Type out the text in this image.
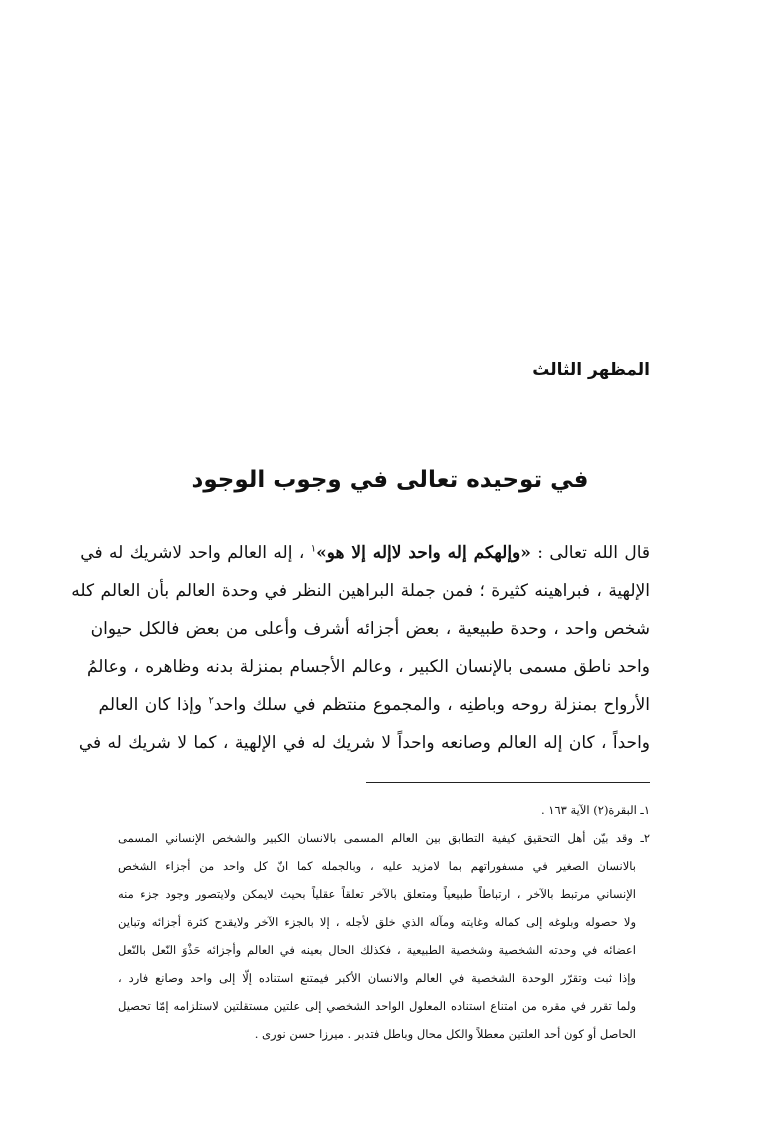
المظهر الثالث
في توحيده تعالى في وجوب الوجود
قال الله تعالى : «وإلهكم إله واحد لاإله إلا هو»$^١$ ، إله العالم واحد لاشريك له في
الإلهية ، فبراهينه كثيرة ؛ فمن جملة البراهين النظر في وحدة العالم بأن العالم كله
شخص واحد ، وحدة طبيعية ، بعض أجزائه أشرف وأعلى من بعض فالكل حيوان
واحد ناطق مسمى بالإنسان الكبير ، وعالم الأجسام بمنزلة بدنه وظاهره ، وعالمُ
الأرواح بمنزلة روحه وباطنِه ، والمجموع منتظم في سلك واحد$^٢$ وإذا كان العالم
واحداً ، كان إله العالم وصانعه واحداً لا شريك له في الإلهية ، كما لا شريك له في
١ـ البقرة(٢) الآية ١٦٣ .
٢ـ وقد بيّن أهل التحقيق كيفية التطابق بين العالم المسمى بالانسان الكبير والشخص الإنساني المسمى
بالانسان الصغير في مسفوراتهم بما لامزيد عليه ، وبالجمله كما انّ كل واحد من أجزاء الشخص
الإنساني مرتبط بالآخر ، ارتباطاً طبيعياً ومتعلق بالآخر تعلقاً عقلياً بحيث لايمكن ولايتصور وجود جزء منه
ولا حصوله وبلوغه إلى كماله وغايته ومآله الذي خلق لأجله ، إلا بالجزء الآخر ولايقدح كثرة أجزائه وتباين
اعضائه في وحدته الشخصية وشخصية الطبيعية ، فكذلك الحال بعينه في العالم وأجزائه حَذْوَ النّعل بالنّعل
وإذا ثبت وتقرّر الوحدة الشخصية في العالم والانسان الأكبر فيمتنع استناده إلّا إلى واحد وصانع فارد ،
ولما تقرر في مقره من امتناع استناده المعلول الواحد الشخصي إلى علتين مستقلتين لاستلزامه إمّا تحصيل
الحاصل أو كون أحد العلتين معطلاً والكل محال وباطل فتدبر . ميرزا حسن نورى .
